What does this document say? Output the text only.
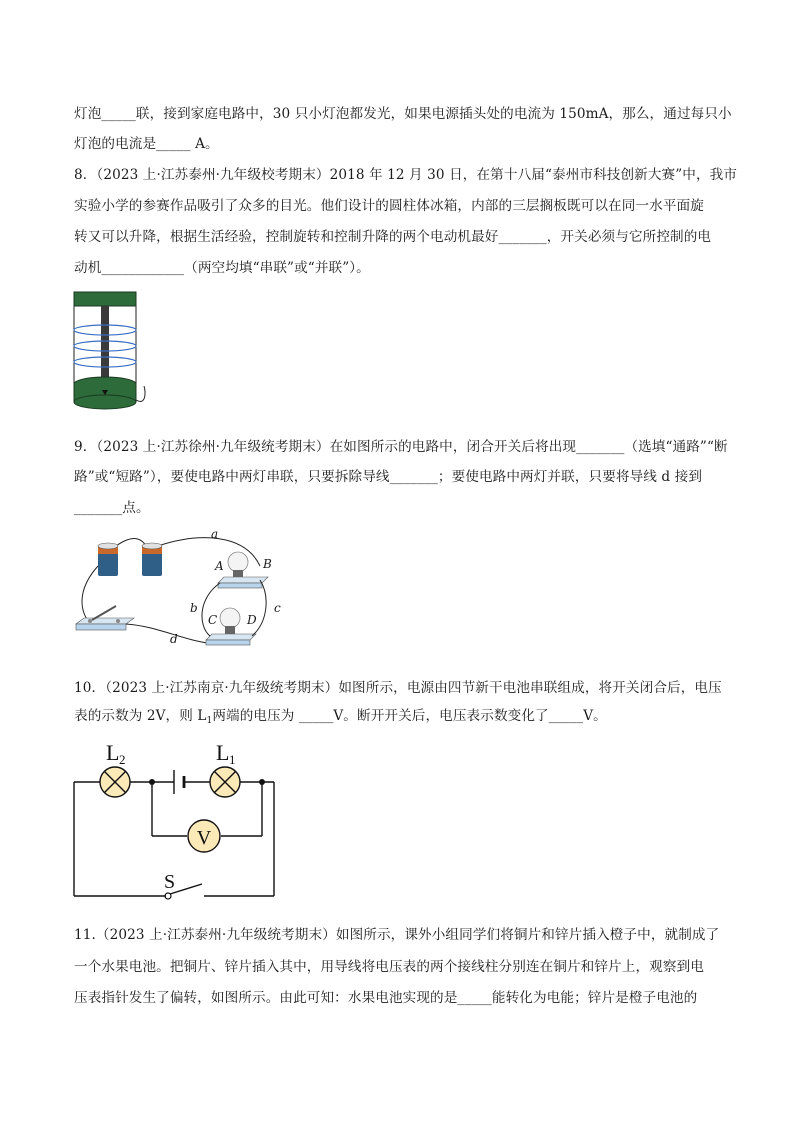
灯泡_____联，接到家庭电路中，30 只小灯泡都发光，如果电源插头处的电流为 150mA，那么，通过每只小
灯泡的电流是_____ A。
8．（2023 上·江苏泰州·九年级校考期末）2018 年 12 月 30 日，在第十八届“泰州市科技创新大赛”中，我市
实验小学的参赛作品吸引了众多的目光。他们设计的圆柱体冰箱，内部的三层搁板既可以在同一水平面旋
转又可以升降，根据生活经验，控制旋转和控制升降的两个电动机最好_______，开关必须与它所控制的电
动机____________（两空均填“串联”或“并联”）。
9．（2023 上·江苏徐州·九年级统考期末）在如图所示的电路中，闭合开关后将出现_______（选填“通路”“断
路”或“短路”），要使电路中两灯串联，只要拆除导线_______；要使电路中两灯并联，只要将导线 d 接到
_______点。
a
d
A	B
C D
b	c
10．（2023 上·江苏南京·九年级统考期末）如图所示，电源由四节新干电池串联组成，将开关闭合后，电压
表的示数为 2V，则 $L_1$两端的电压为 _____V。断开开关后，电压表示数变化了_____V。
V
L 2	L 1
S
11.（2023 上·江苏泰州·九年级统考期末）如图所示，课外小组同学们将铜片和锌片插入橙子中，就制成了
一个水果电池。把铜片、锌片插入其中，用导线将电压表的两个接线柱分别连在铜片和锌片上，观察到电
压表指针发生了偏转，如图所示。由此可知：水果电池实现的是_____能转化为电能；锌片是橙子电池的
